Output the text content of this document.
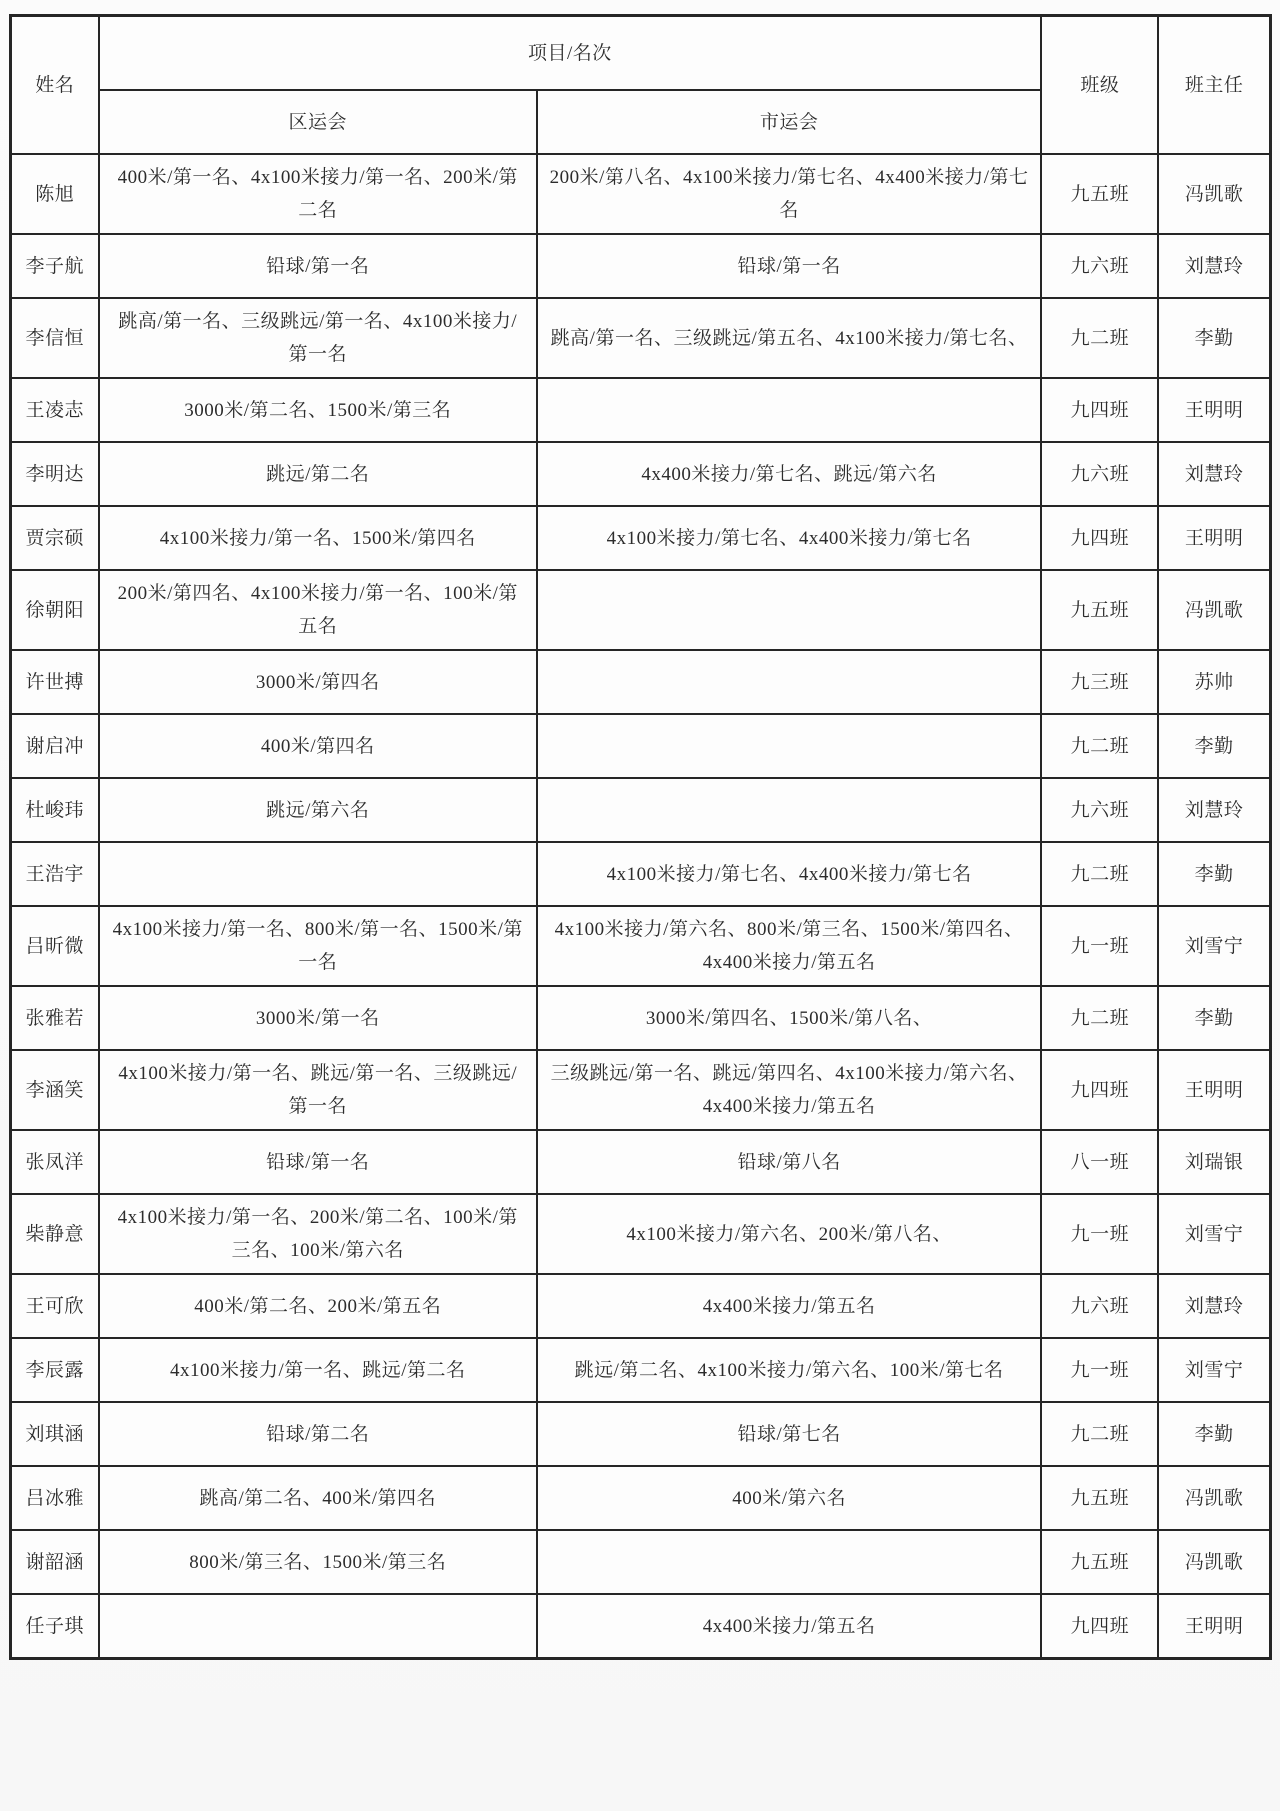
姓名	项目/名次		班级	班主任
	区运会	市运会		
陈旭	400米/第一名、4x100米接力/第一名、200米/第二名	200米/第八名、4x100米接力/第七名、4x400米接力/第七名	九五班	冯凯歌
李子航	铅球/第一名	铅球/第一名	九六班	刘慧玲
李信恒	跳高/第一名、三级跳远/第一名、4x100米接力/第一名	跳高/第一名、三级跳远/第五名、4x100米接力/第七名、	九二班	李勤
王凌志	3000米/第二名、1500米/第三名		九四班	王明明
李明达	跳远/第二名	4x400米接力/第七名、跳远/第六名	九六班	刘慧玲
贾宗硕	4x100米接力/第一名、1500米/第四名	4x100米接力/第七名、4x400米接力/第七名	九四班	王明明
徐朝阳	200米/第四名、4x100米接力/第一名、100米/第五名		九五班	冯凯歌
许世搏	3000米/第四名		九三班	苏帅
谢启冲	400米/第四名		九二班	李勤
杜峻玮	跳远/第六名		九六班	刘慧玲
王浩宇		4x100米接力/第七名、4x400米接力/第七名	九二班	李勤
吕昕微	4x100米接力/第一名、800米/第一名、1500米/第一名	4x100米接力/第六名、800米/第三名、1500米/第四名、4x400米接力/第五名	九一班	刘雪宁
张雅若	3000米/第一名	3000米/第四名、1500米/第八名、	九二班	李勤
李涵笑	4x100米接力/第一名、跳远/第一名、三级跳远/第一名	三级跳远/第一名、跳远/第四名、4x100米接力/第六名、4x400米接力/第五名	九四班	王明明
张凤洋	铅球/第一名	铅球/第八名	八一班	刘瑞银
柴静意	4x100米接力/第一名、200米/第二名、100米/第三名、100米/第六名	4x100米接力/第六名、200米/第八名、	九一班	刘雪宁
王可欣	400米/第二名、200米/第五名	4x400米接力/第五名	九六班	刘慧玲
李辰露	4x100米接力/第一名、跳远/第二名	跳远/第二名、4x100米接力/第六名、100米/第七名	九一班	刘雪宁
刘琪涵	铅球/第二名	铅球/第七名	九二班	李勤
吕冰雅	跳高/第二名、400米/第四名	400米/第六名	九五班	冯凯歌
谢韶涵	800米/第三名、1500米/第三名		九五班	冯凯歌
任子琪		4x400米接力/第五名	九四班	王明明
